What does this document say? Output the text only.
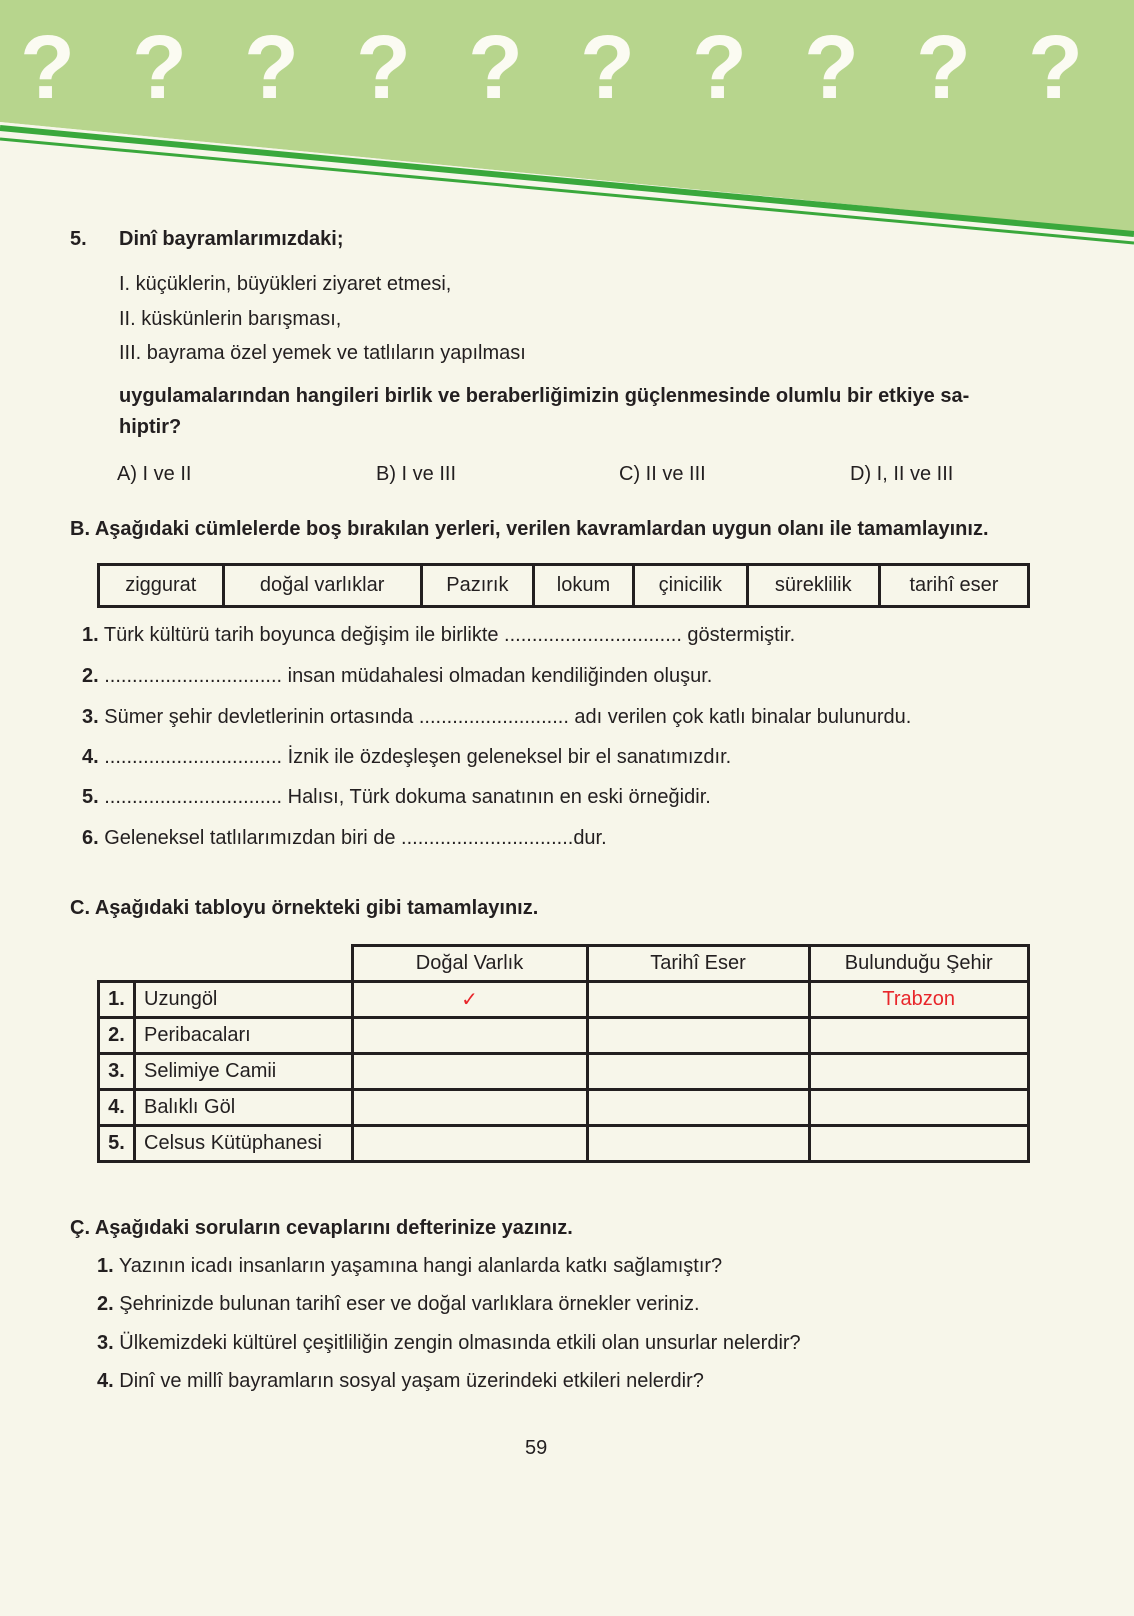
? ? ? ? ? ? ? ? ? ?
5. Dinî bayramlarımızdaki;
I. küçüklerin, büyükleri ziyaret etmesi,
II. küskünlerin barışması,
III. bayrama özel yemek ve tatlıların yapılması
uygulamalarından hangileri birlik ve beraberliğimizin güçlenmesinde olumlu bir etkiye sa-
hiptir?
A) I ve II	B) I ve III	C) II ve III	D) I, II ve III
B. Aşağıdaki cümlelerde boş bırakılan yerleri, verilen kavramlardan uygun olanı ile tamamlayınız.
ziggurat	doğal varlıklar	Pazırık	lokum	çinicilik	süreklilik	tarihî eser
1. Türk kültürü tarih boyunca değişim ile birlikte ................................ göstermiştir.
2. ................................ insan müdahalesi olmadan kendiliğinden oluşur.
3. Sümer şehir devletlerinin ortasında ........................... adı verilen çok katlı binalar bulunurdu.
4. ................................ İznik ile özdeşleşen geleneksel bir el sanatımızdır.
5. ................................ Halısı, Türk dokuma sanatının en eski örneğidir.
6. Geleneksel tatlılarımızdan biri de ...............................dur.
C. Aşağıdaki tabloyu örnekteki gibi tamamlayınız.
		Doğal Varlık	Tarihî Eser	Bulunduğu Şehir
1.	Uzungöl	✓		Trabzon
2.	Peribacaları			
3.	Selimiye Camii			
4.	Balıklı Göl			
5.	Celsus Kütüphanesi			
Ç. Aşağıdaki soruların cevaplarını defterinize yazınız.
1. Yazının icadı insanların yaşamına hangi alanlarda katkı sağlamıştır?
2. Şehrinizde bulunan tarihî eser ve doğal varlıklara örnekler veriniz.
3. Ülkemizdeki kültürel çeşitliliğin zengin olmasında etkili olan unsurlar nelerdir?
4. Dinî ve millî bayramların sosyal yaşam üzerindeki etkileri nelerdir?
59
